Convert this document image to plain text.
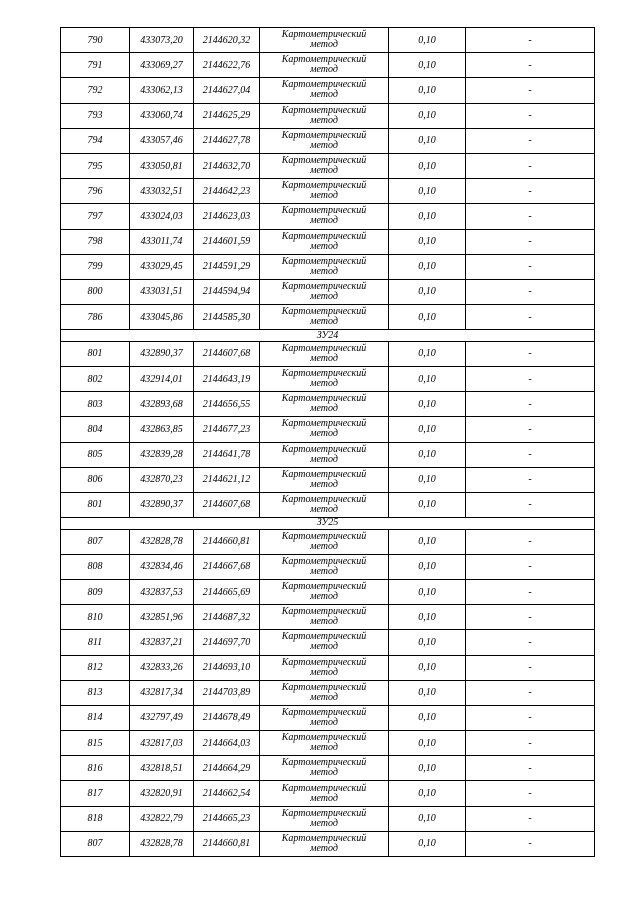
790	433073,20	2144620,32	Картометрический
метод	0,10	-
791	433069,27	2144622,76	Картометрический
метод	0,10	-
792	433062,13	2144627,04	Картометрический
метод	0,10	-
793	433060,74	2144625,29	Картометрический
метод	0,10	-
794	433057,46	2144627,78	Картометрический
метод	0,10	-
795	433050,81	2144632,70	Картометрический
метод	0,10	-
796	433032,51	2144642,23	Картометрический
метод	0,10	-
797	433024,03	2144623,03	Картометрический
метод	0,10	-
798	433011,74	2144601,59	Картометрический
метод	0,10	-
799	433029,45	2144591,29	Картометрический
метод	0,10	-
800	433031,51	2144594,94	Картометрический
метод	0,10	-
786	433045,86	2144585,30	Картометрический
метод	0,10	-
ЗУ24					
801	432890,37	2144607,68	Картометрический
метод	0,10	-
802	432914,01	2144643,19	Картометрический
метод	0,10	-
803	432893,68	2144656,55	Картометрический
метод	0,10	-
804	432863,85	2144677,23	Картометрический
метод	0,10	-
805	432839,28	2144641,78	Картометрический
метод	0,10	-
806	432870,23	2144621,12	Картометрический
метод	0,10	-
801	432890,37	2144607,68	Картометрический
метод	0,10	-
ЗУ25					
807	432828,78	2144660,81	Картометрический
метод	0,10	-
808	432834,46	2144667,68	Картометрический
метод	0,10	-
809	432837,53	2144665,69	Картометрический
метод	0,10	-
810	432851,96	2144687,32	Картометрический
метод	0,10	-
811	432837,21	2144697,70	Картометрический
метод	0,10	-
812	432833,26	2144693,10	Картометрический
метод	0,10	-
813	432817,34	2144703,89	Картометрический
метод	0,10	-
814	432797,49	2144678,49	Картометрический
метод	0,10	-
815	432817,03	2144664,03	Картометрический
метод	0,10	-
816	432818,51	2144664,29	Картометрический
метод	0,10	-
817	432820,91	2144662,54	Картометрический
метод	0,10	-
818	432822,79	2144665,23	Картометрический
метод	0,10	-
807	432828,78	2144660,81	Картометрический
метод	0,10	-
